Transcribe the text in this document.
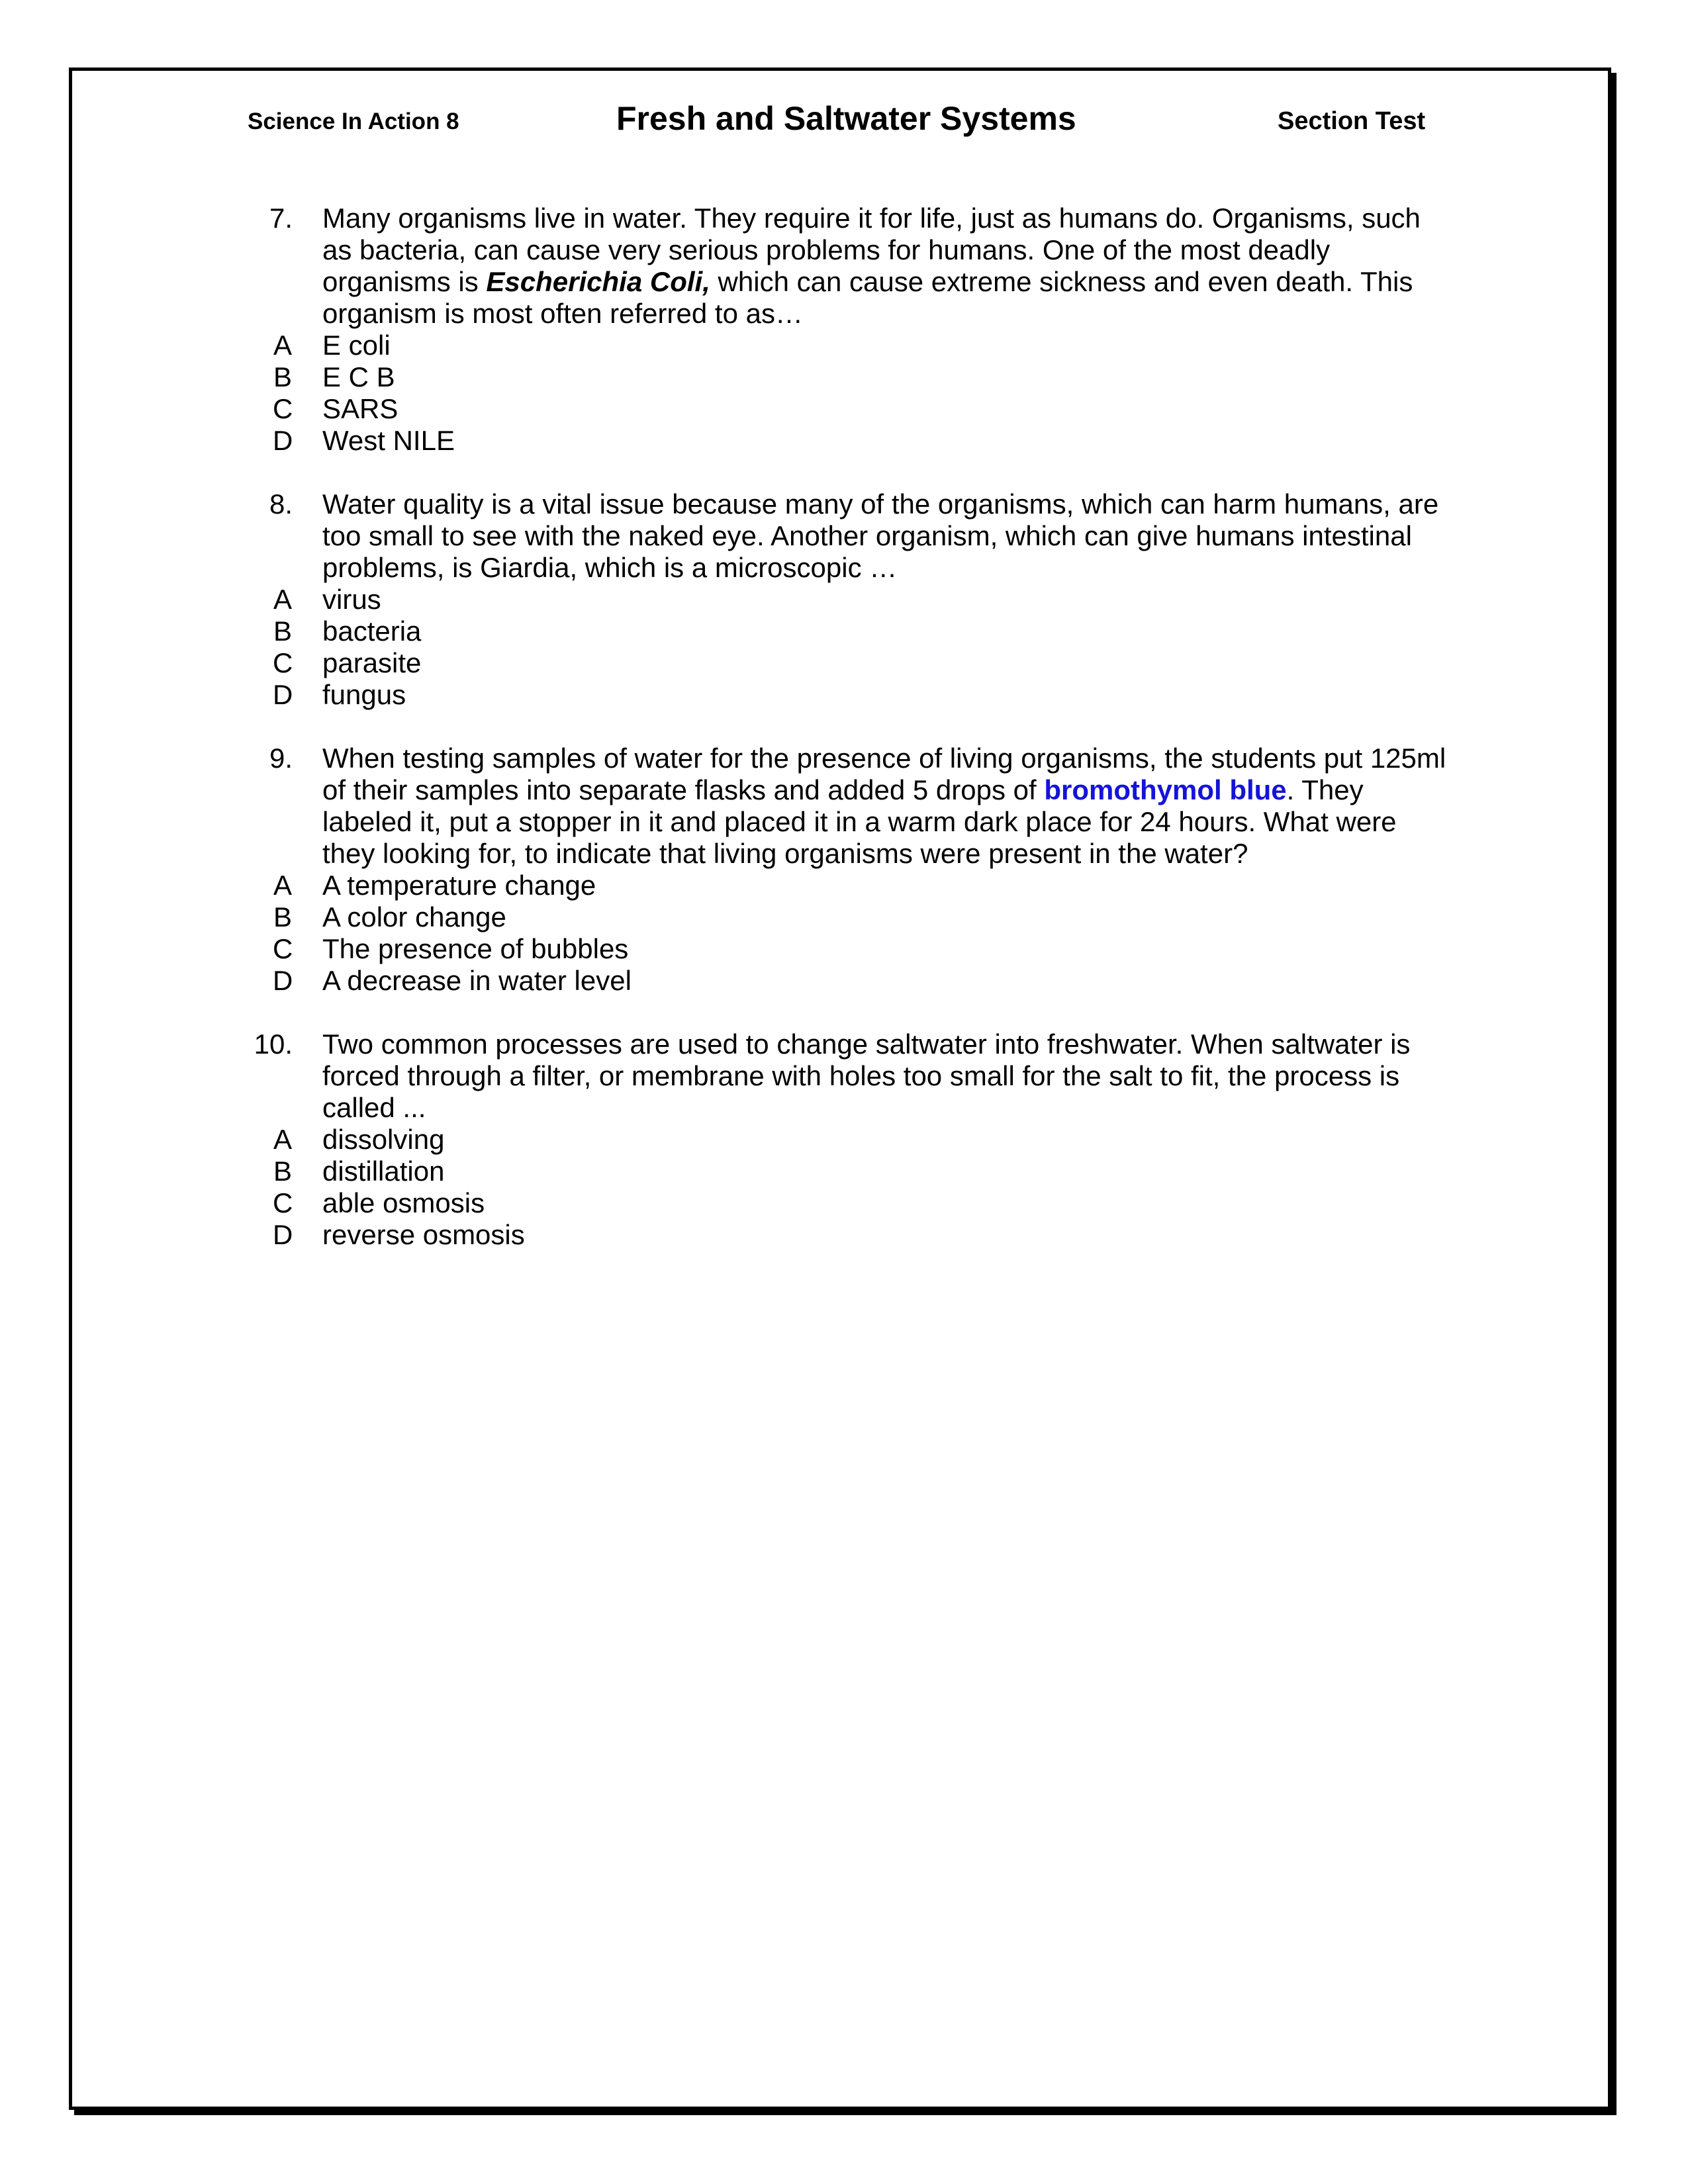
Science In Action 8	Fresh and Saltwater Systems	Section Test
7. Many organisms live in water. They require it for life, just as humans do. Organisms, such as bacteria, can cause very serious problems for humans. One of the most deadly organisms is Escherichia Coli, which can cause extreme sickness and even death. This organism is most often referred to as…
A E coli
B E C B
C SARS
D West NILE
8. Water quality is a vital issue because many of the organisms, which can harm humans, are too small to see with the naked eye. Another organism, which can give humans intestinal problems, is Giardia, which is a microscopic …
A virus
B bacteria
C parasite
D fungus
9. When testing samples of water for the presence of living organisms, the students put 125ml of their samples into separate flasks and added 5 drops of bromothymol blue. They labeled it, put a stopper in it and placed it in a warm dark place for 24 hours. What were they looking for, to indicate that living organisms were present in the water?
A A temperature change
B A color change
C The presence of bubbles
D A decrease in water level
10. Two common processes are used to change saltwater into freshwater. When saltwater is forced through a filter, or membrane with holes too small for the salt to fit, the process is called ...
A dissolving
B distillation
C able osmosis
D reverse osmosis
